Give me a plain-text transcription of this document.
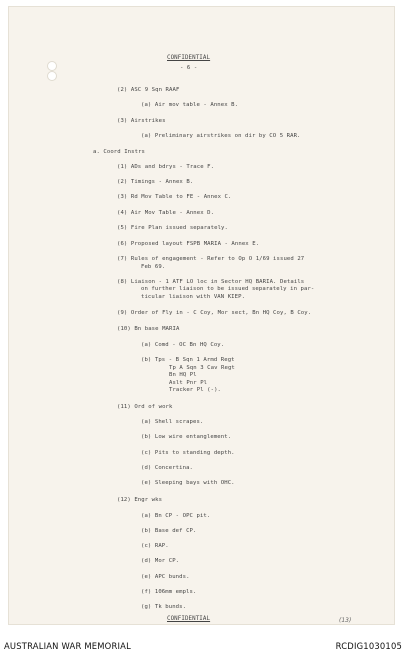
CONFIDENTIAL
- 6 -
(2) ASC 9 Sqn RAAF
(a) Air mov table - Annex B.
(3) Airstrikes
(a) Preliminary airstrikes on dir by CO 5 RAR.
a. Coord Instrs
(1) ADs and bdrys - Trace F.
(2) Timings - Annex B.
(3) Rd Mov Table to FE - Annex C.
(4) Air Mov Table - Annex D.
(5) Fire Plan issued separately.
(6) Proposed layout FSPB MARIA - Annex E.
(7) Rules of engagement - Refer to Op O 1/69 issued 27
Feb 69.
(8) Liaison - 1 ATF LO loc in Sector HQ BARIA. Details
on further liaison to be issued separately in par-
ticular liaison with VAN KIEP.
(9) Order of Fly in - C Coy, Mor sect, Bn HQ Coy, B Coy.
(10) Bn base MARIA
(a) Comd - OC Bn HQ Coy.
(b) Tps - B Sqn 1 Armd Regt
Tp A Sqn 3 Cav Regt
Bn HQ Pl
Aslt Pnr Pl
Tracker Pl (-).
(11) Ord of work
(a) Shell scrapes.
(b) Low wire entanglement.
(c) Pits to standing depth.
(d) Concertina.
(e) Sleeping bays with OHC.
(12) Engr wks
(a) Bn CP - OPC pit.
(b) Base def CP.
(c) RAP.
(d) Mor CP.
(e) APC bunds.
(f) 106mm empls.
(g) Tk bunds.
CONFIDENTIAL	(13)
AUSTRALIAN WAR MEMORIAL	RCDIG1030105
